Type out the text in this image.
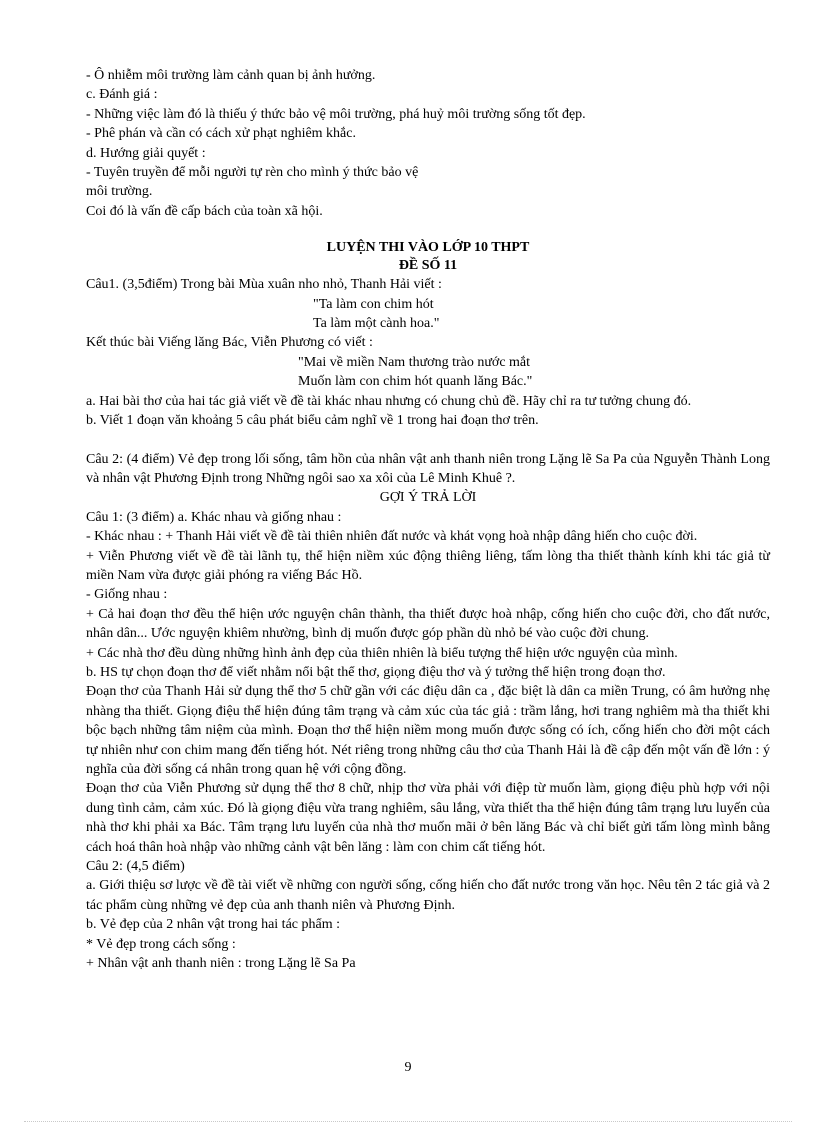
- Ô nhiễm môi trường làm cảnh quan bị ảnh hưởng.

c. Đánh giá :

- Những việc làm đó là thiếu ý thức bảo vệ môi trường, phá huỷ môi trường sống tốt đẹp.

- Phê phán và cần có cách xử phạt nghiêm khắc.

d. Hướng giải quyết :

- Tuyên truyền để mỗi người tự rèn cho mình ý thức bảo vệ

môi trường.

Coi đó là vấn đề cấp bách của toàn xã hội.

LUYỆN THI VÀO LỚP 10 THPT

ĐỀ SỐ 11

Câu1. (3,5điểm) Trong bài Mùa xuân nho nhỏ, Thanh Hải viết :

"Ta làm con chim hót

Ta làm một cành hoa."

Kết thúc bài Viếng lăng Bác, Viễn Phương có viết :

"Mai về miền Nam thương trào nước mắt

Muốn làm con chim hót quanh lăng Bác."

a. Hai bài thơ của hai tác giả viết về đề tài khác nhau nhưng có chung chủ đề. Hãy chỉ ra tư tưởng chung đó.

b. Viết 1 đoạn văn khoảng 5 câu phát biểu cảm nghĩ về 1 trong hai đoạn thơ trên.

Câu 2: (4 điểm) Vẻ đẹp trong lối sống, tâm hồn của nhân vật anh thanh niên trong Lặng lẽ Sa Pa của Nguyễn Thành Long và nhân vật Phương Định trong Những ngôi sao xa xôi của Lê Minh Khuê ?.

GỢI Ý TRẢ LỜI

Câu 1: (3 điểm) a. Khác nhau và giống nhau :

- Khác nhau : + Thanh Hải viết về đề tài thiên nhiên đất nước và khát vọng hoà nhập dâng hiến cho cuộc đời.

+ Viễn Phương viết về đề tài lãnh tụ, thể hiện niềm xúc động thiêng liêng, tấm lòng tha thiết thành kính khi tác giả từ miền Nam vừa được giải phóng ra viếng Bác Hồ.

- Giống nhau :

+ Cả hai đoạn thơ đều thể hiện ước nguyện chân thành, tha thiết được hoà nhập, cống hiến cho cuộc đời, cho đất nước, nhân dân... Ước nguyện khiêm nhường, bình dị muốn được góp phần dù nhỏ bé vào cuộc đời chung.

+ Các nhà thơ đều dùng những hình ảnh đẹp của thiên nhiên là biểu tượng thể hiện ước nguyện của mình.

b. HS tự chọn đoạn thơ để viết nhằm nổi bật thể thơ, giọng điệu thơ và ý tưởng thể hiện trong đoạn thơ.

Đoạn thơ của Thanh Hải sử dụng thể thơ 5 chữ gần với các điệu dân ca , đặc biệt là dân ca miền Trung, có âm hưởng nhẹ nhàng tha thiết. Giọng điệu thể hiện đúng tâm trạng và cảm xúc của tác giả : trầm lắng, hơi trang nghiêm mà tha thiết khi bộc bạch những tâm niệm của mình. Đoạn thơ thể hiện niềm mong muốn được sống có ích, cống hiến cho đời một cách tự nhiên như con chim mang đến tiếng hót. Nét riêng trong những câu thơ của Thanh Hải là đề cập đến một vấn đề lớn : ý nghĩa của đời sống cá nhân trong quan hệ với cộng đồng.

Đoạn thơ của Viễn Phương sử dụng thể thơ 8 chữ, nhịp thơ vừa phải với điệp từ muốn làm, giọng điệu phù hợp với nội dung tình cảm, cảm xúc. Đó là giọng điệu vừa trang nghiêm, sâu lắng, vừa thiết tha thể hiện đúng tâm trạng lưu luyến của nhà thơ khi phải xa Bác. Tâm trạng lưu luyến của nhà thơ muốn mãi ở bên lăng Bác và chỉ biết gửi tấm lòng mình bằng cách hoá thân hoà nhập vào những cảnh vật bên lăng : làm con chim cất tiếng hót.

Câu 2: (4,5 điểm)

a. Giới thiệu sơ lược về đề tài viết về những con người sống, cống hiến cho đất nước trong văn học. Nêu tên 2 tác giả và 2 tác phẩm cùng những vẻ đẹp của anh thanh niên và Phương Định.

b. Vẻ đẹp của 2 nhân vật trong hai tác phẩm :

* Vẻ đẹp trong cách sống :

+ Nhân vật anh thanh niên : trong Lặng lẽ Sa Pa

9
